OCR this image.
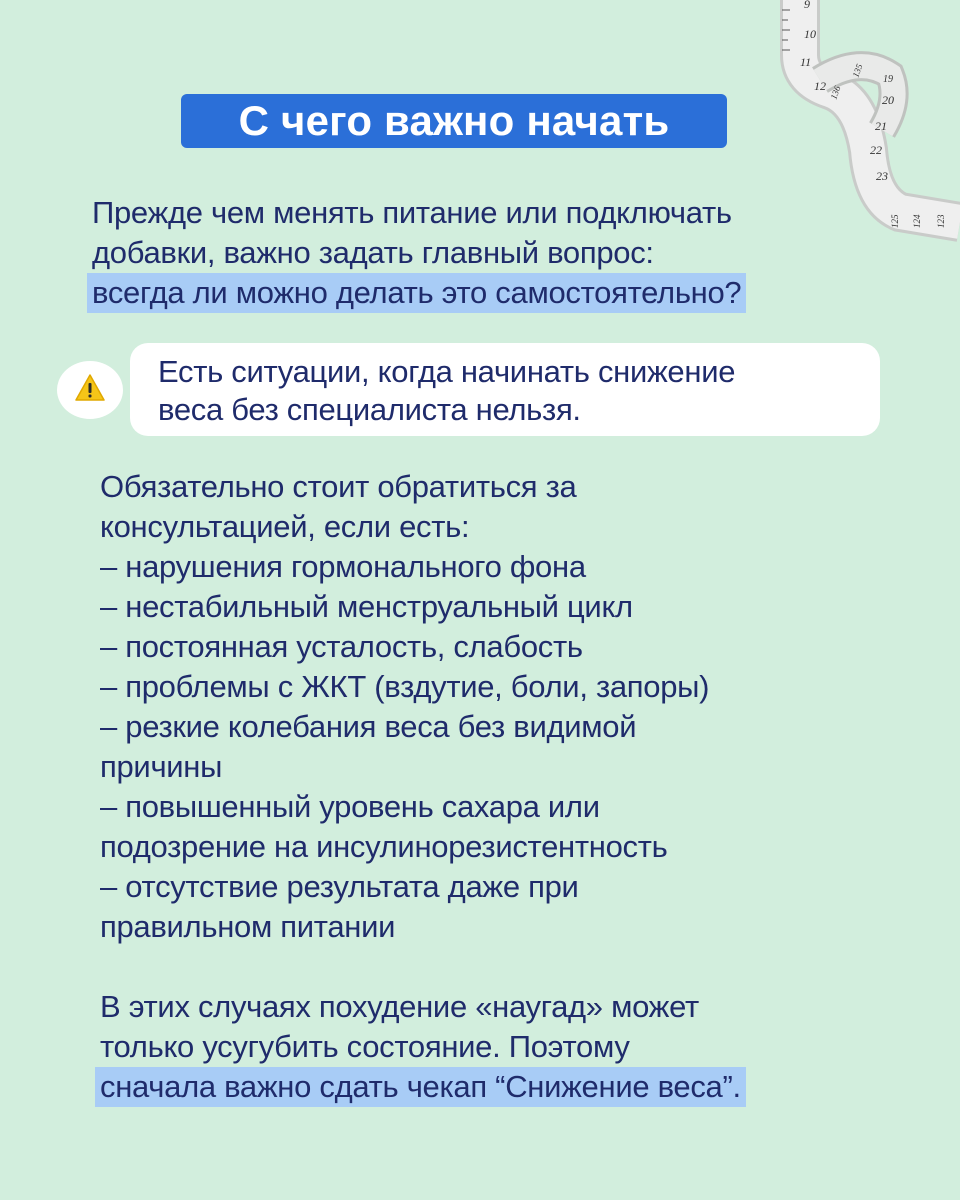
С чего важно начать
9
10
11
12 136
135
19
20
21
22
23
125 124 123
Прежде чем менять питание или подключать
добавки, важно задать главный вопрос:
всегда ли можно делать это самостоятельно?
Есть ситуации, когда начинать снижение
веса без специалиста нельзя.
Обязательно стоит обратиться за
консультацией, если есть:
– нарушения гормонального фона
– нестабильный менструальный цикл
– постоянная усталость, слабость
– проблемы с ЖКТ (вздутие, боли, запоры)
– резкие колебания веса без видимой
причины
– повышенный уровень сахара или
подозрение на инсулинорезистентность
– отсутствие результата даже при
правильном питании
В этих случаях похудение «наугад» может
только усугубить состояние. Поэтому
сначала важно сдать чекап “Снижение веса”.
